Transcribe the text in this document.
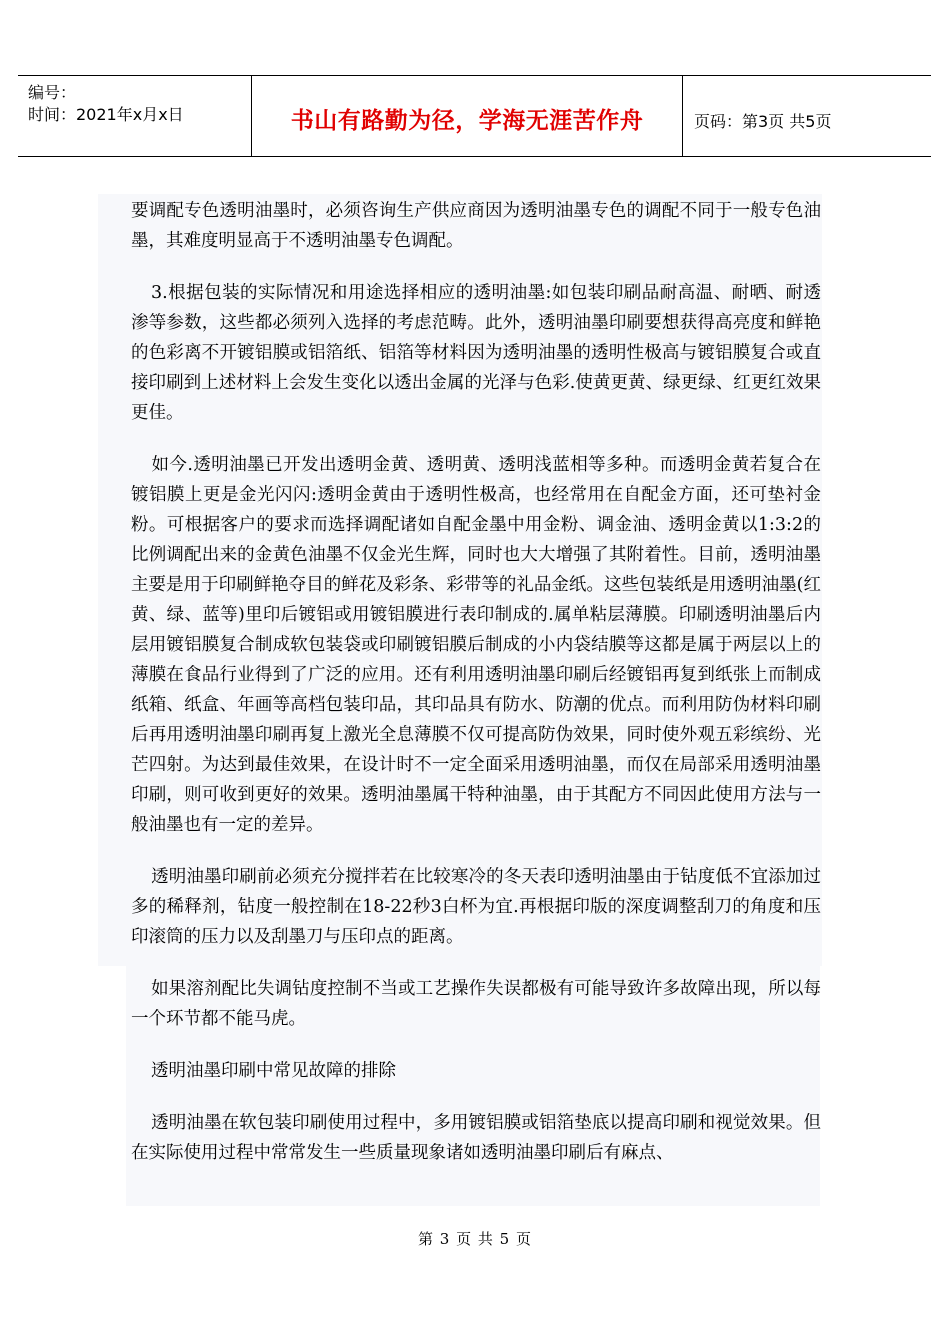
编号：
时间：2021年x月x日	书山有路勤为径，学海无涯苦作舟	页码：第3页 共5页

要调配专色透明油墨时，必须咨询生产供应商因为透明油墨专色的调配不同于一般专色油墨，其难度明显高于不透明油墨专色调配。

3.根据包装的实际情况和用途选择相应的透明油墨:如包装印刷品耐高温、耐晒、耐透渗等参数，这些都必须列入选择的考虑范畴。此外，透明油墨印刷要想获得高亮度和鲜艳的色彩离不开镀铝膜或铝箔纸、铝箔等材料因为透明油墨的透明性极高与镀铝膜复合或直接印刷到上述材料上会发生变化以透出金属的光泽与色彩.使黄更黄、绿更绿、红更红效果更佳。

如今.透明油墨已开发出透明金黄、透明黄、透明浅蓝相等多种。而透明金黄若复合在镀铝膜上更是金光闪闪:透明金黄由于透明性极高，也经常用在自配金方面，还可垫衬金粉。可根据客户的要求而选择调配诸如自配金墨中用金粉、调金油、透明金黄以1:3:2的比例调配出来的金黄色油墨不仅金光生辉，同时也大大增强了其附着性。目前，透明油墨主要是用于印刷鲜艳夺目的鲜花及彩条、彩带等的礼品金纸。这些包装纸是用透明油墨(红黄、绿、蓝等)里印后镀铝或用镀铝膜进行表印制成的.属单粘层薄膜。印刷透明油墨后内层用镀铝膜复合制成软包装袋或印刷镀铝膜后制成的小内袋结膜等这都是属于两层以上的薄膜在食品行业得到了广泛的应用。还有利用透明油墨印刷后经镀铝再复到纸张上而制成纸箱、纸盒、年画等高档包装印品，其印品具有防水、防潮的优点。而利用防伪材料印刷后再用透明油墨印刷再复上激光全息薄膜不仅可提高防伪效果，同时使外观五彩缤纷、光芒四射。为达到最佳效果，在设计时不一定全面采用透明油墨，而仅在局部采用透明油墨印刷，则可收到更好的效果。透明油墨属干特种油墨，由于其配方不同因此使用方法与一般油墨也有一定的差异。

透明油墨印刷前必须充分搅拌若在比较寒冷的冬天表印透明油墨由于钻度低不宜添加过多的稀释剂，钻度一般控制在18-22秒3白杯为宜.再根据印版的深度调整刮刀的角度和压印滚筒的压力以及刮墨刀与压印点的距离。

如果溶剂配比失调钻度控制不当或工艺操作失误都极有可能导致许多故障出现，所以每一个环节都不能马虎。

透明油墨印刷中常见故障的排除

透明油墨在软包装印刷使用过程中，多用镀铝膜或铝箔垫底以提高印刷和视觉效果。但在实际使用过程中常常发生一些质量现象诸如透明油墨印刷后有麻点、

第 3 页 共 5 页
